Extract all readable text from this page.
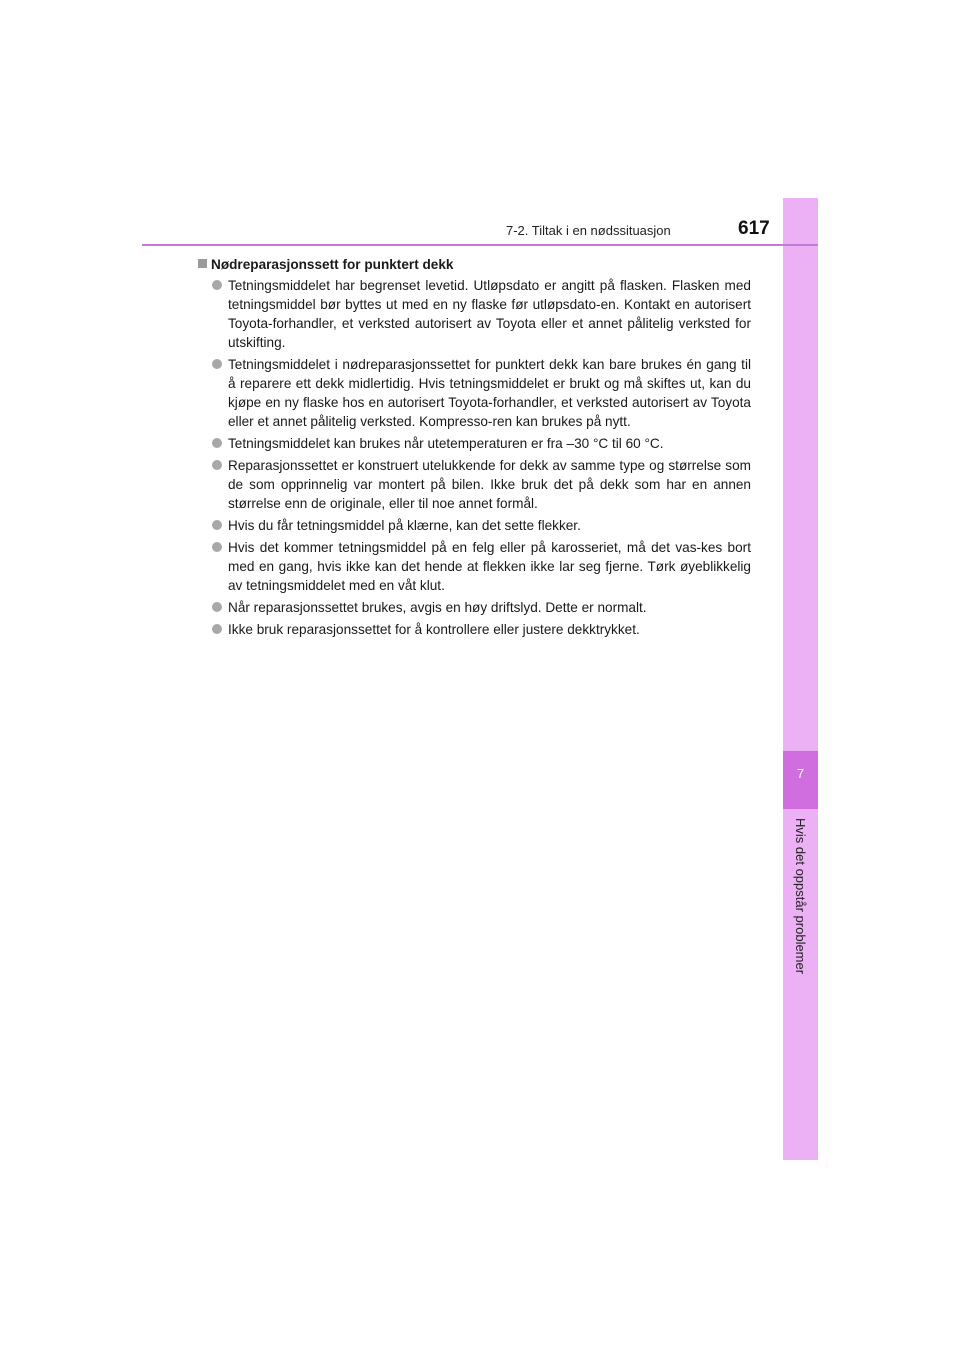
7
Hvis det oppstår problemer
7-2. Tiltak i en nødssituasjon	617
Nødreparasjonssett for punktert dekk
Tetningsmiddelet har begrenset levetid. Utløpsdato er angitt på flasken. Flasken med tetningsmiddel bør byttes ut med en ny flaske før utløpsdato-en. Kontakt en autorisert Toyota-forhandler, et verksted autorisert av Toyota eller et annet pålitelig verksted for utskifting.
Tetningsmiddelet i nødreparasjonssettet for punktert dekk kan bare brukes én gang til å reparere ett dekk midlertidig. Hvis tetningsmiddelet er brukt og må skiftes ut, kan du kjøpe en ny flaske hos en autorisert Toyota-forhandler, et verksted autorisert av Toyota eller et annet pålitelig verksted. Kompresso-ren kan brukes på nytt.
Tetningsmiddelet kan brukes når utetemperaturen er fra –30 °C til 60 °C.
Reparasjonssettet er konstruert utelukkende for dekk av samme type og størrelse som de som opprinnelig var montert på bilen. Ikke bruk det på dekk som har en annen størrelse enn de originale, eller til noe annet formål.
Hvis du får tetningsmiddel på klærne, kan det sette flekker.
Hvis det kommer tetningsmiddel på en felg eller på karosseriet, må det vas-kes bort med en gang, hvis ikke kan det hende at flekken ikke lar seg fjerne. Tørk øyeblikkelig av tetningsmiddelet med en våt klut.
Når reparasjonssettet brukes, avgis en høy driftslyd. Dette er normalt.
Ikke bruk reparasjonssettet for å kontrollere eller justere dekktrykket.
